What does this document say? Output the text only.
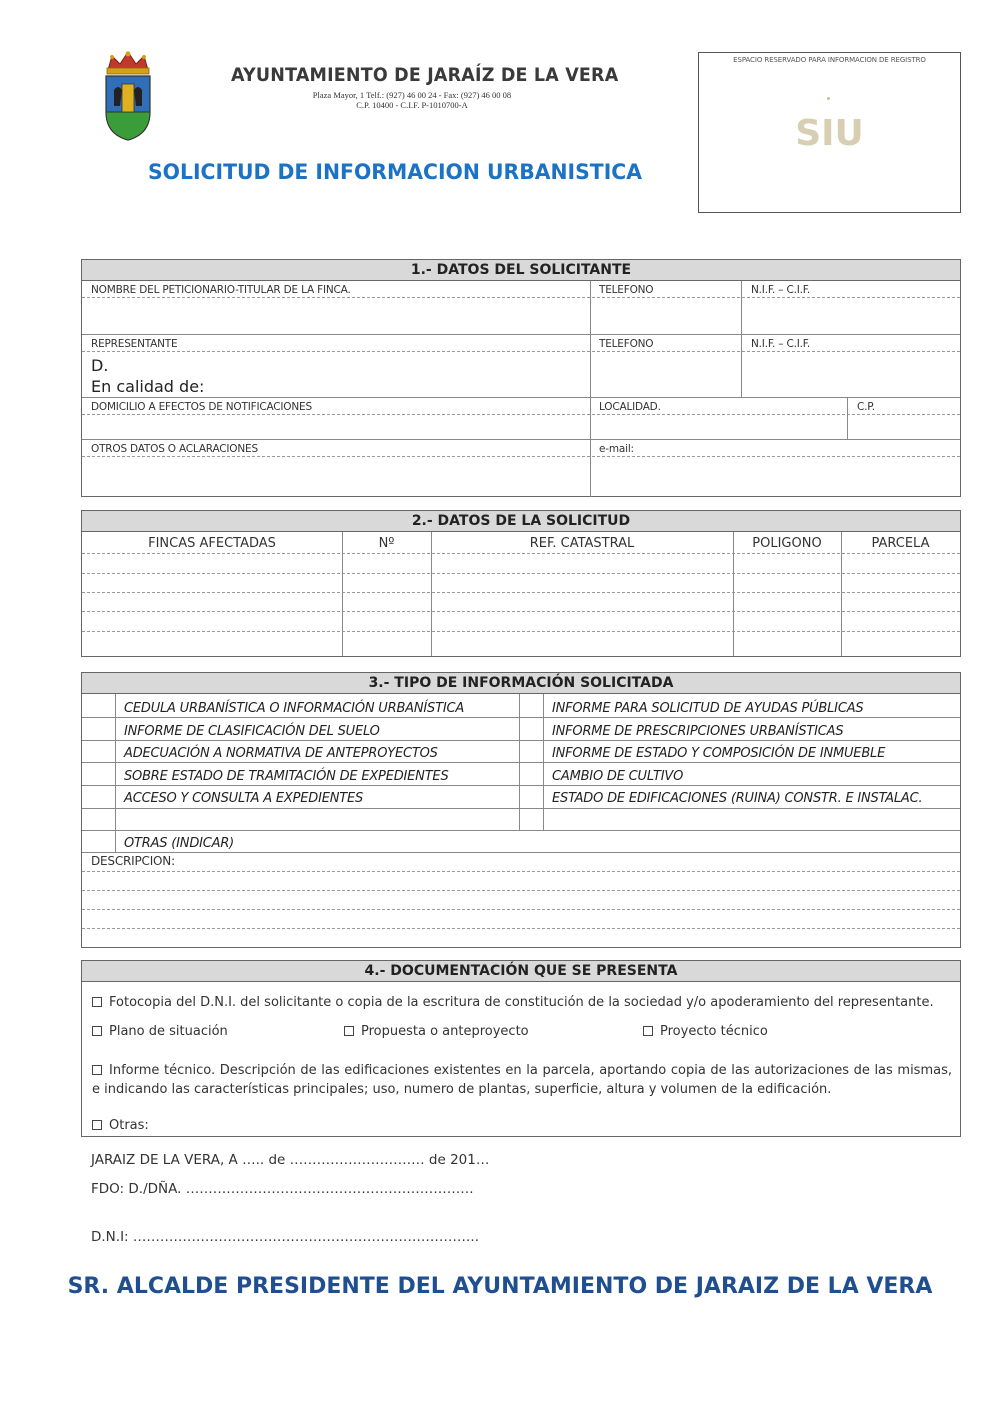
AYUNTAMIENTO DE JARAÍZ DE LA VERA
Plaza Mayor, 1 Telf.: (927) 46 00 24 - Fax: (927) 46 00 08
C.P. 10400 - C.I.F. P-1010700-A
SOLICITUD DE INFORMACION URBANISTICA
ESPACIO RESERVADO PARA INFORMACION DE REGISTRO
SIU
1.- DATOS DEL SOLICITANTE
NOMBRE DEL PETICIONARIO-TITULAR DE LA FINCA.	TELEFONO	N.I.F. – C.I.F.
REPRESENTANTE	TELEFONO	N.I.F. – C.I.F.
D.
En calidad de:
DOMICILIO A EFECTOS DE NOTIFICACIONES	LOCALIDAD.	C.P.
OTROS DATOS O ACLARACIONES	e-mail:
2.- DATOS DE LA SOLICITUD
FINCAS AFECTADAS	Nº	REF. CATASTRAL	POLIGONO	PARCELA
3.- TIPO DE INFORMACIÓN SOLICITADA
CEDULA URBANÍSTICA O INFORMACIÓN URBANÍSTICA
INFORME DE CLASIFICACIÓN DEL SUELO
ADECUACIÓN A NORMATIVA DE ANTEPROYECTOS
SOBRE ESTADO DE TRAMITACIÓN DE EXPEDIENTES
ACCESO Y CONSULTA A EXPEDIENTES
OTRAS (INDICAR)
INFORME PARA SOLICITUD DE AYUDAS PÚBLICAS
INFORME DE PRESCRIPCIONES URBANÍSTICAS
INFORME DE ESTADO Y COMPOSICIÓN DE INMUEBLE
CAMBIO DE CULTIVO
ESTADO DE EDIFICACIONES (RUINA) CONSTR. E INSTALAC.
DESCRIPCION:
4.- DOCUMENTACIÓN QUE SE PRESENTA
Fotocopia del D.N.I. del solicitante o copia de la escritura de constitución de la sociedad y/o apoderamiento del representante.
Plano de situación	Propuesta o anteproyecto	Proyecto técnico
Informe técnico. Descripción de las edificaciones existentes en la parcela, aportando copia de las autorizaciones de las mismas, e indicando las características principales; uso, numero de plantas, superficie, altura y volumen de la edificación.
Otras:
JARAIZ DE LA VERA, A ….. de ………………………… de 201…
FDO: D./DÑA. ……………………………………………………….
D.N.I: …………………………………………………………………..
SR. ALCALDE PRESIDENTE DEL AYUNTAMIENTO DE JARAIZ DE LA VERA
